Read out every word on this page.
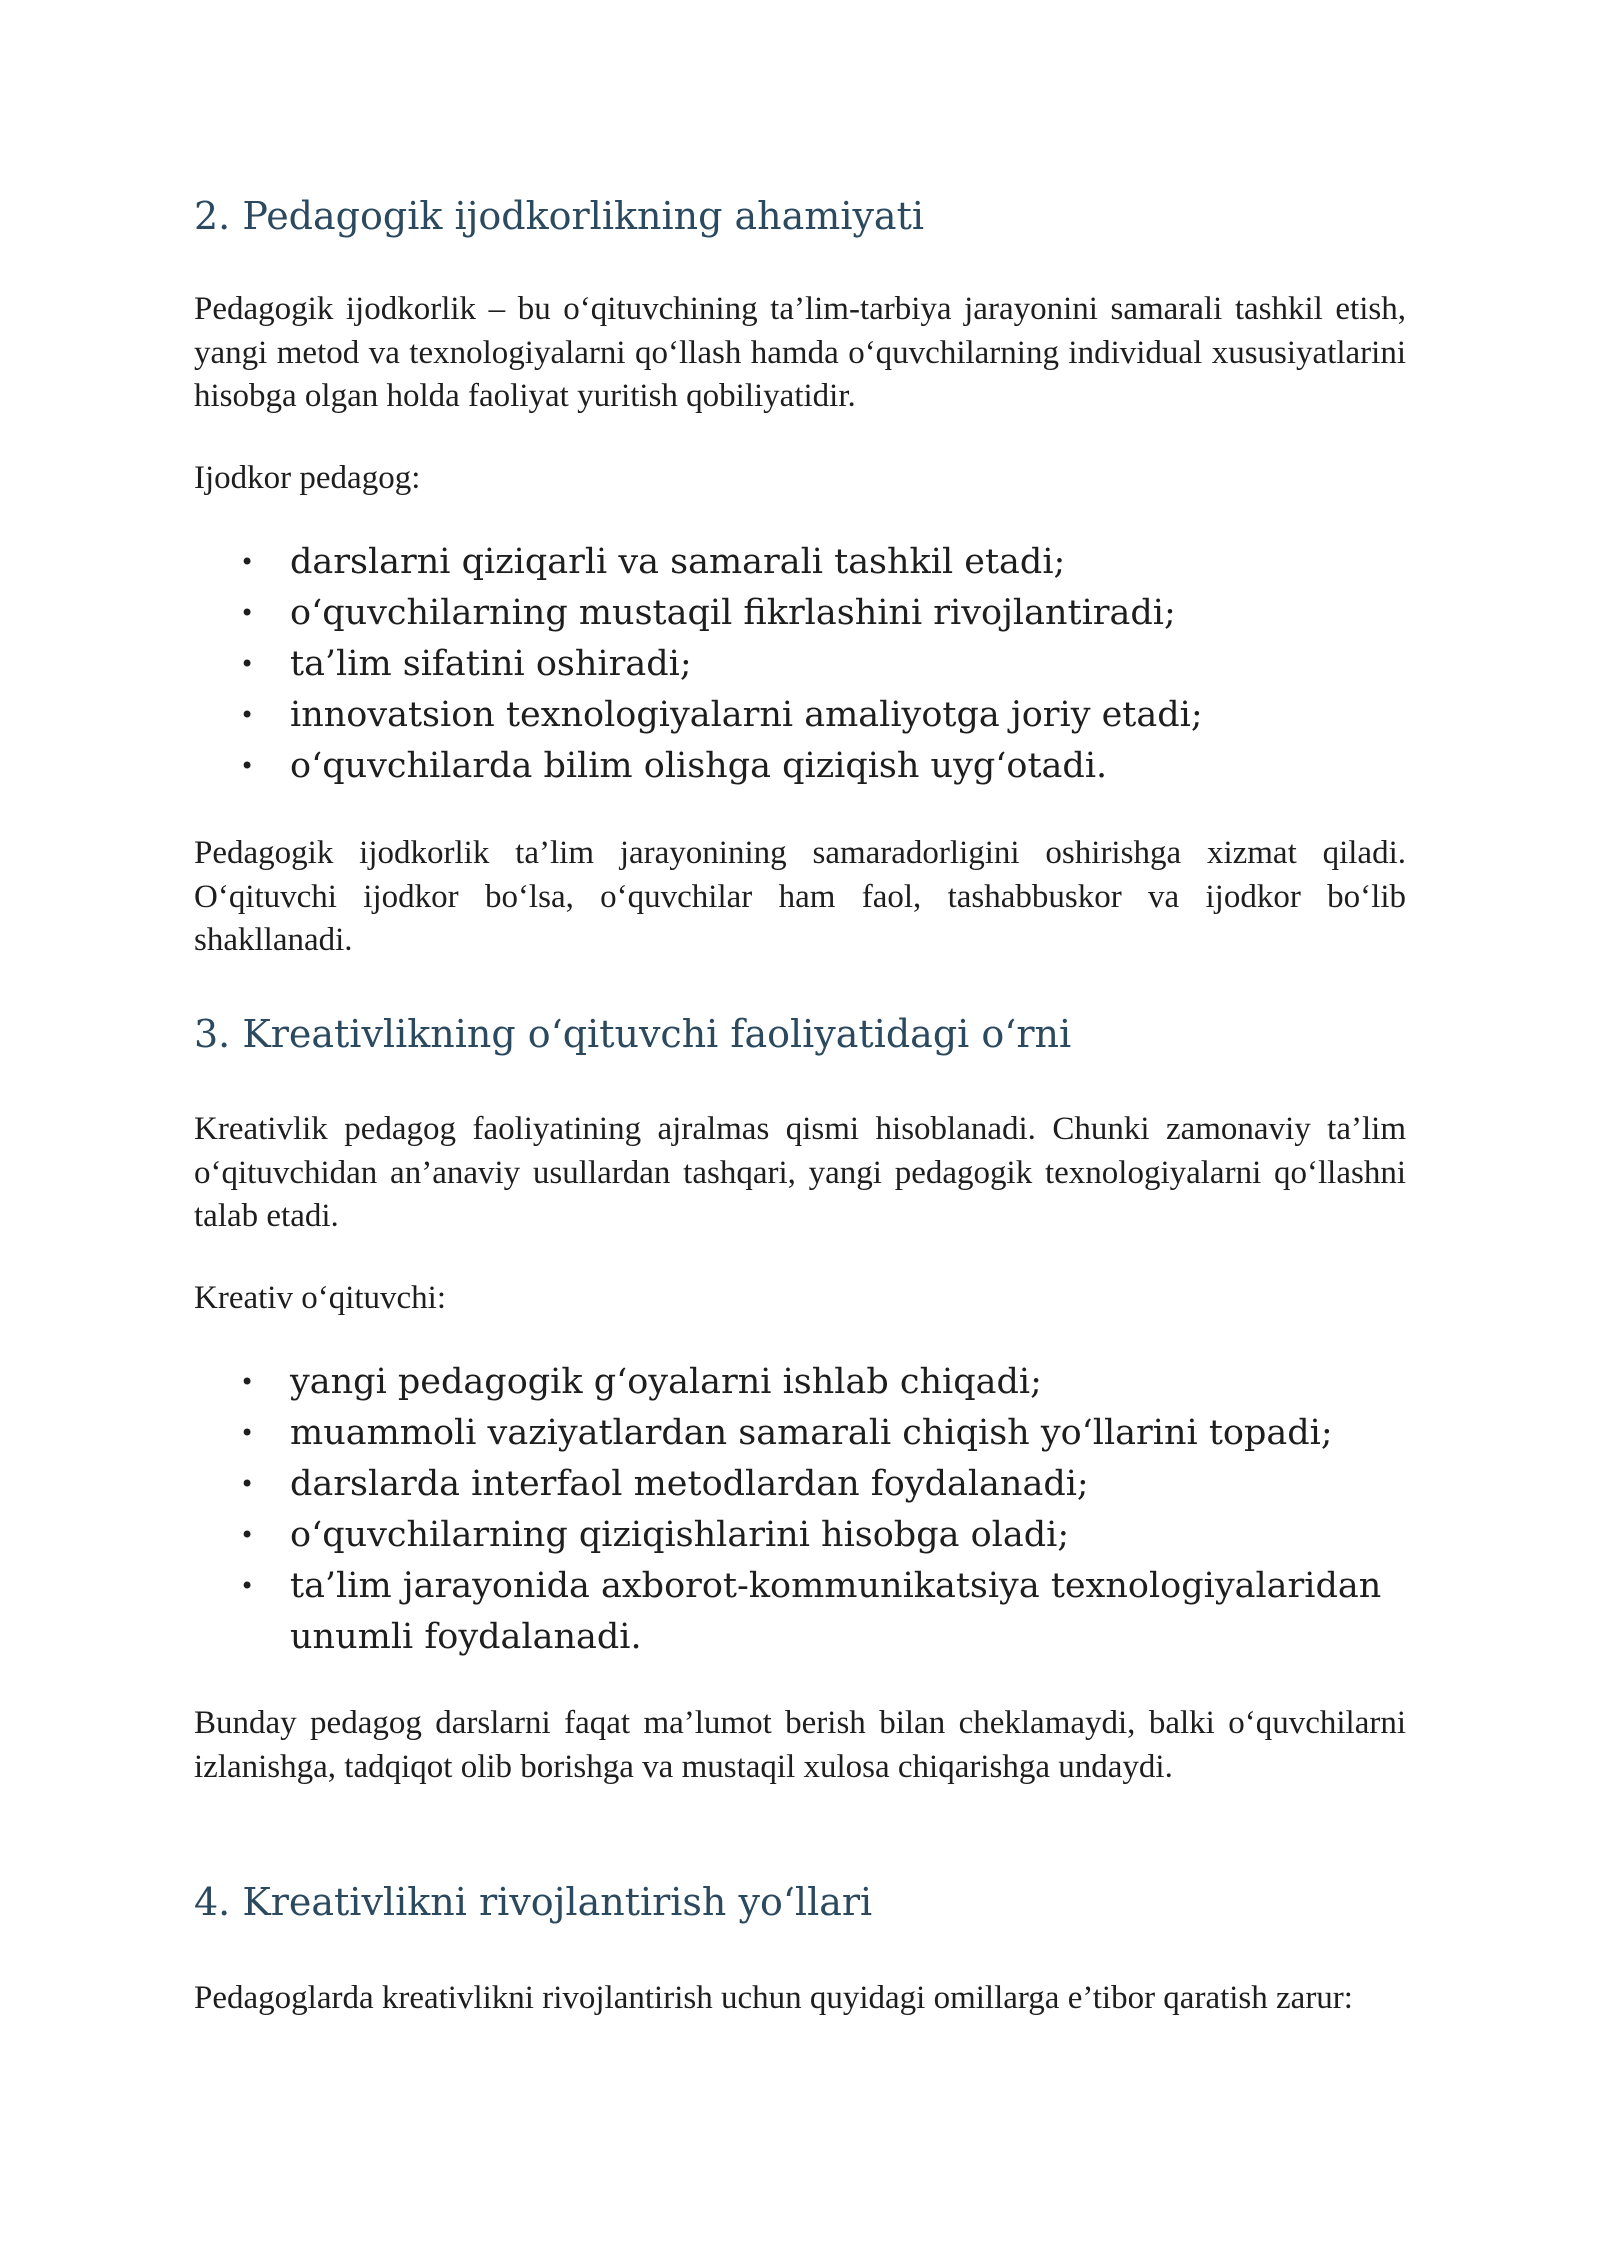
2. Pedagogik ijodkorlikning ahamiyati

Pedagogik ijodkorlik – bu o‘qituvchining ta’lim-tarbiya jarayonini samarali tashkil etish, yangi metod va texnologiyalarni qo‘llash hamda o‘quvchilarning individual xususiyatlarini hisobga olgan holda faoliyat yuritish qobiliyatidir.

Ijodkor pedagog:

• darslarni qiziqarli va samarali tashkil etadi;
• o‘quvchilarning mustaqil fikrlashini rivojlantiradi;
• ta’lim sifatini oshiradi;
• innovatsion texnologiyalarni amaliyotga joriy etadi;
• o‘quvchilarda bilim olishga qiziqish uyg‘otadi.

Pedagogik ijodkorlik ta’lim jarayonining samaradorligini oshirishga xizmat qiladi. O‘qituvchi ijodkor bo‘lsa, o‘quvchilar ham faol, tashabbuskor va ijodkor bo‘lib shakllanadi.

3. Kreativlikning o‘qituvchi faoliyatidagi o‘rni

Kreativlik pedagog faoliyatining ajralmas qismi hisoblanadi. Chunki zamonaviy ta’lim o‘qituvchidan an’anaviy usullardan tashqari, yangi pedagogik texnologiyalarni qo‘llashni talab etadi.

Kreativ o‘qituvchi:

• yangi pedagogik g‘oyalarni ishlab chiqadi;
• muammoli vaziyatlardan samarali chiqish yo‘llarini topadi;
• darslarda interfaol metodlardan foydalanadi;
• o‘quvchilarning qiziqishlarini hisobga oladi;
• ta’lim jarayonida axborot-kommunikatsiya texnologiyalaridan unumli foydalanadi.

Bunday pedagog darslarni faqat ma’lumot berish bilan cheklamaydi, balki o‘quvchilarni izlanishga, tadqiqot olib borishga va mustaqil xulosa chiqarishga undaydi.

4. Kreativlikni rivojlantirish yo‘llari

Pedagoglarda kreativlikni rivojlantirish uchun quyidagi omillarga e’tibor qaratish zarur:
